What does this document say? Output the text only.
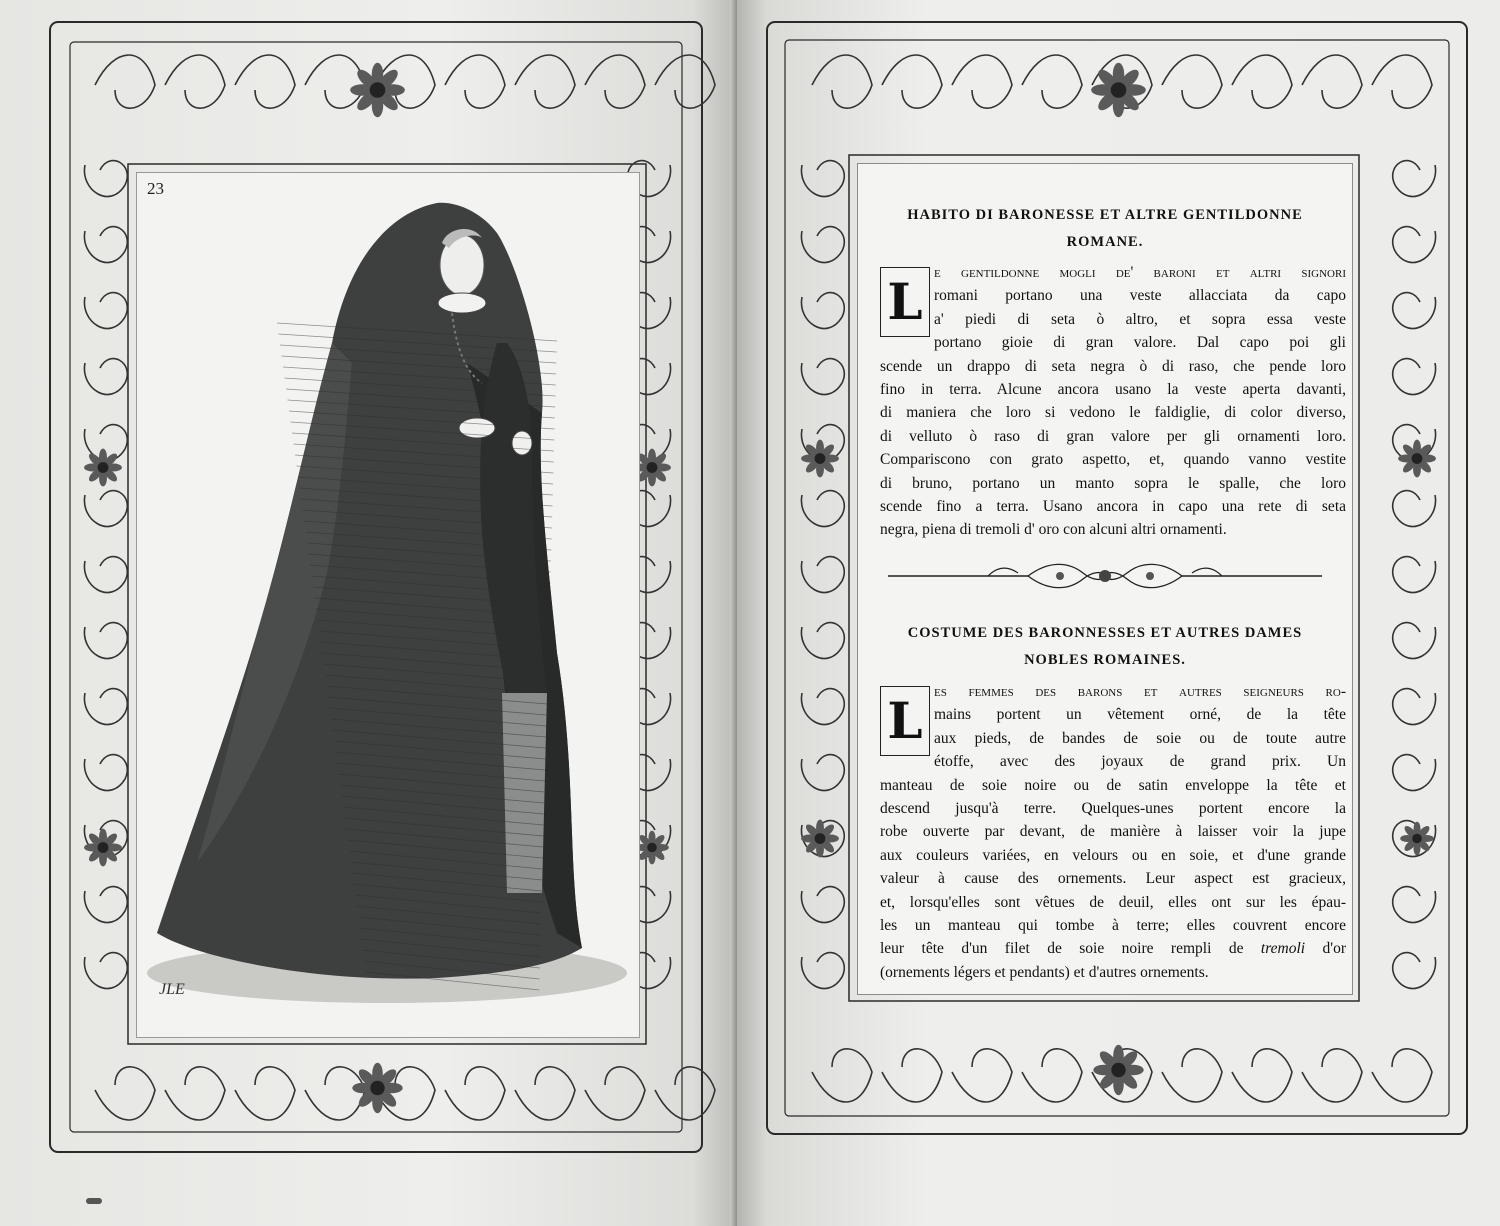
23
JLE
HABITO DI BARONESSE ET ALTRE GENTILDONNE
ROMANE.
L e gentildonne mogli de' baroni et altri signori
romani portano una veste allacciata da capo
a' piedi di seta ò altro, et sopra essa veste
portano gioie di gran valore. Dal capo poi gli
scende un drappo di seta negra ò di raso, che pende loro
fino in terra. Alcune ancora usano la veste aperta davanti,
di maniera che loro si vedono le faldiglie, di color diverso,
di velluto ò raso di gran valore per gli ornamenti loro.
Compariscono con grato aspetto, et, quando vanno vestite
di bruno, portano un manto sopra le spalle, che loro
scende fino a terra. Usano ancora in capo una rete di seta
negra, piena di tremoli d' oro con alcuni altri ornamenti.
COSTUME DES BARONNESSES ET AUTRES DAMES
NOBLES ROMAINES.
L es femmes des barons et autres seigneurs ro-
mains portent un vêtement orné, de la tête
aux pieds, de bandes de soie ou de toute autre
étoffe, avec des joyaux de grand prix. Un
manteau de soie noire ou de satin enveloppe la tête et
descend jusqu'à terre. Quelques-unes portent encore la
robe ouverte par devant, de manière à laisser voir la jupe
aux couleurs variées, en velours ou en soie, et d'une grande
valeur à cause des ornements. Leur aspect est gracieux,
et, lorsqu'elles sont vêtues de deuil, elles ont sur les épau-
les un manteau qui tombe à terre; elles couvrent encore
leur tête d'un filet de soie noire rempli de tremoli d'or
(ornements légers et pendants) et d'autres ornements.
